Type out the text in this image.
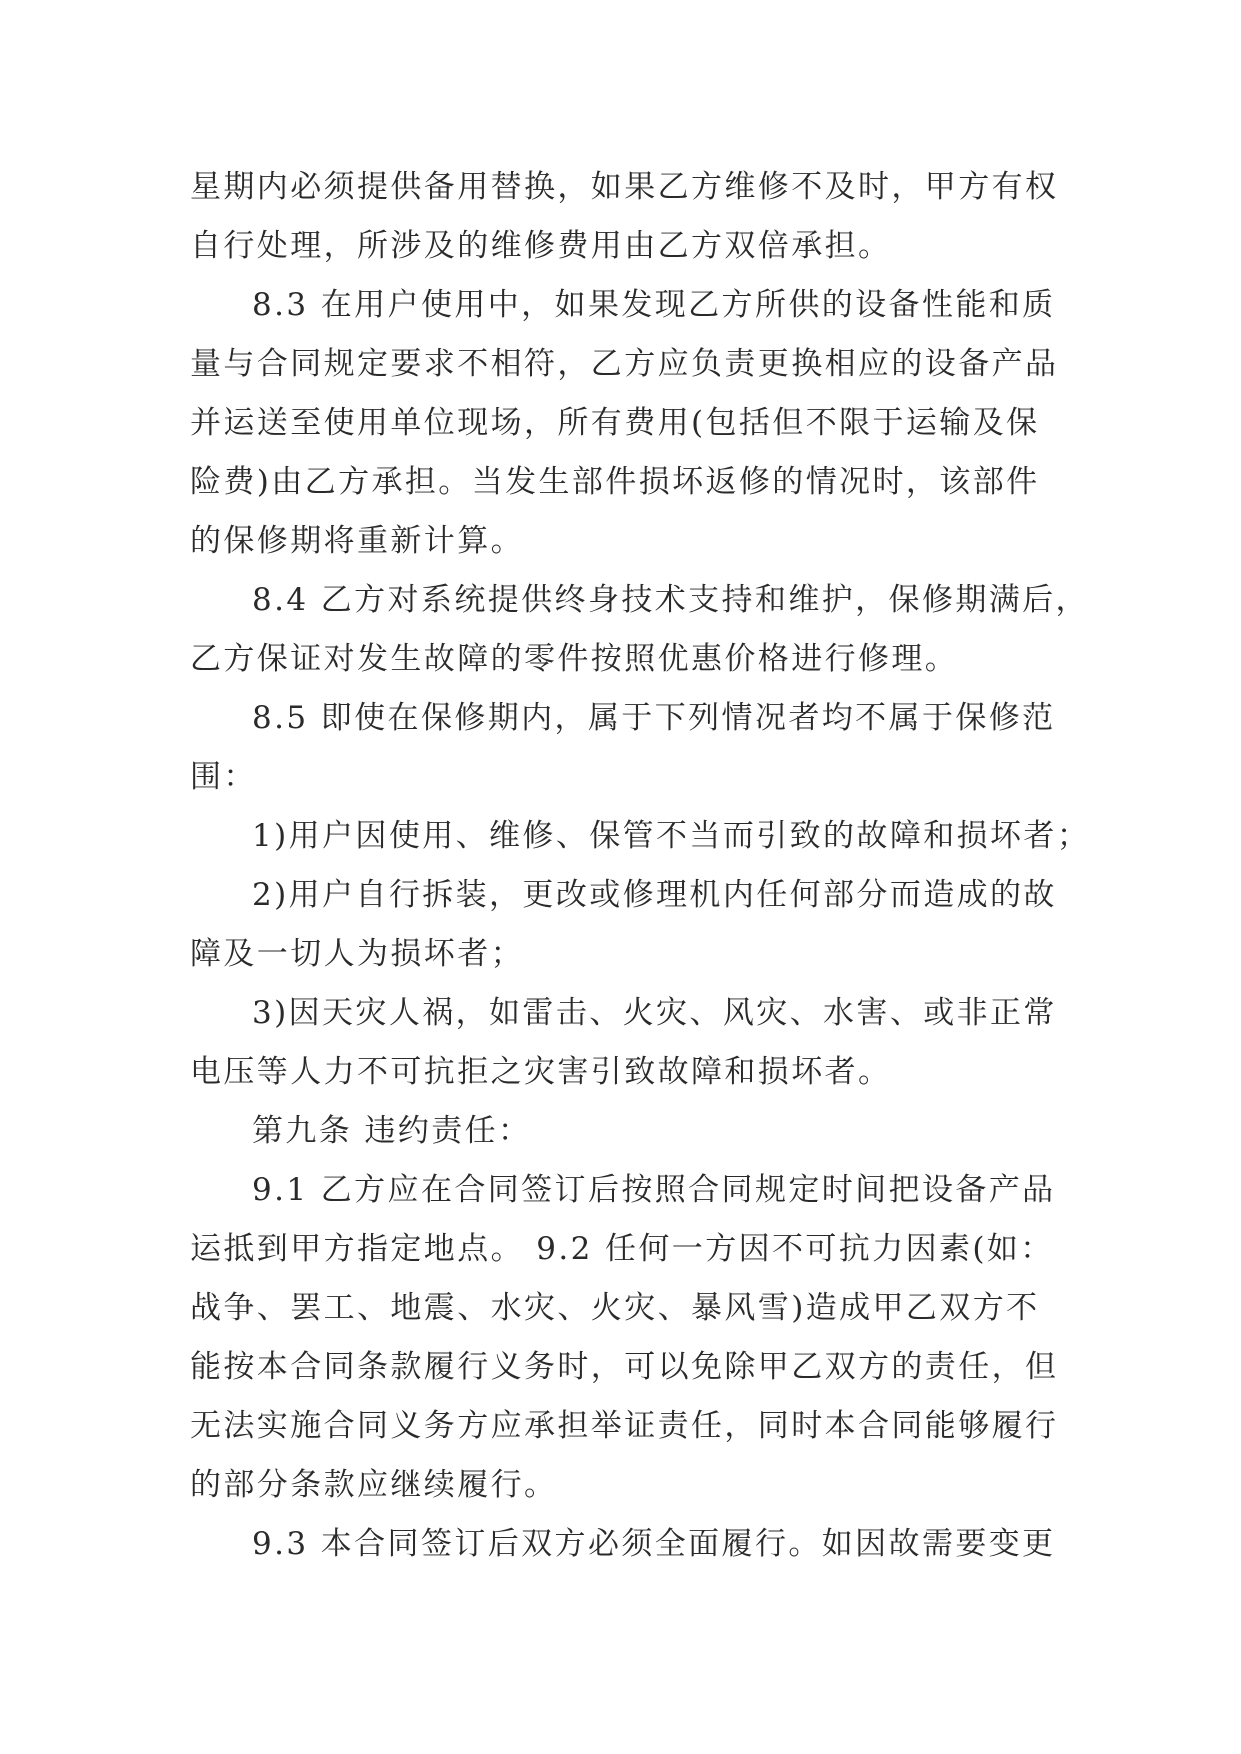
星期内必须提供备用替换，如果乙方维修不及时，甲方有权
自行处理，所涉及的维修费用由乙方双倍承担。
8.3 在用户使用中，如果发现乙方所供的设备性能和质
量与合同规定要求不相符，乙方应负责更换相应的设备产品
并运送至使用单位现场，所有费用(包括但不限于运输及保
险费)由乙方承担。当发生部件损坏返修的情况时，该部件
的保修期将重新计算。
8.4 乙方对系统提供终身技术支持和维护，保修期满后，
乙方保证对发生故障的零件按照优惠价格进行修理。
8.5 即使在保修期内，属于下列情况者均不属于保修范
围：
1)用户因使用、维修、保管不当而引致的故障和损坏者；
2)用户自行拆装，更改或修理机内任何部分而造成的故
障及一切人为损坏者；
3)因天灾人祸，如雷击、火灾、风灾、水害、或非正常
电压等人力不可抗拒之灾害引致故障和损坏者。
第九条 违约责任：
9.1 乙方应在合同签订后按照合同规定时间把设备产品
运抵到甲方指定地点。 9.2 任何一方因不可抗力因素(如：
战争、罢工、地震、水灾、火灾、暴风雪)造成甲乙双方不
能按本合同条款履行义务时，可以免除甲乙双方的责任，但
无法实施合同义务方应承担举证责任，同时本合同能够履行
的部分条款应继续履行。
9.3 本合同签订后双方必须全面履行。如因故需要变更
